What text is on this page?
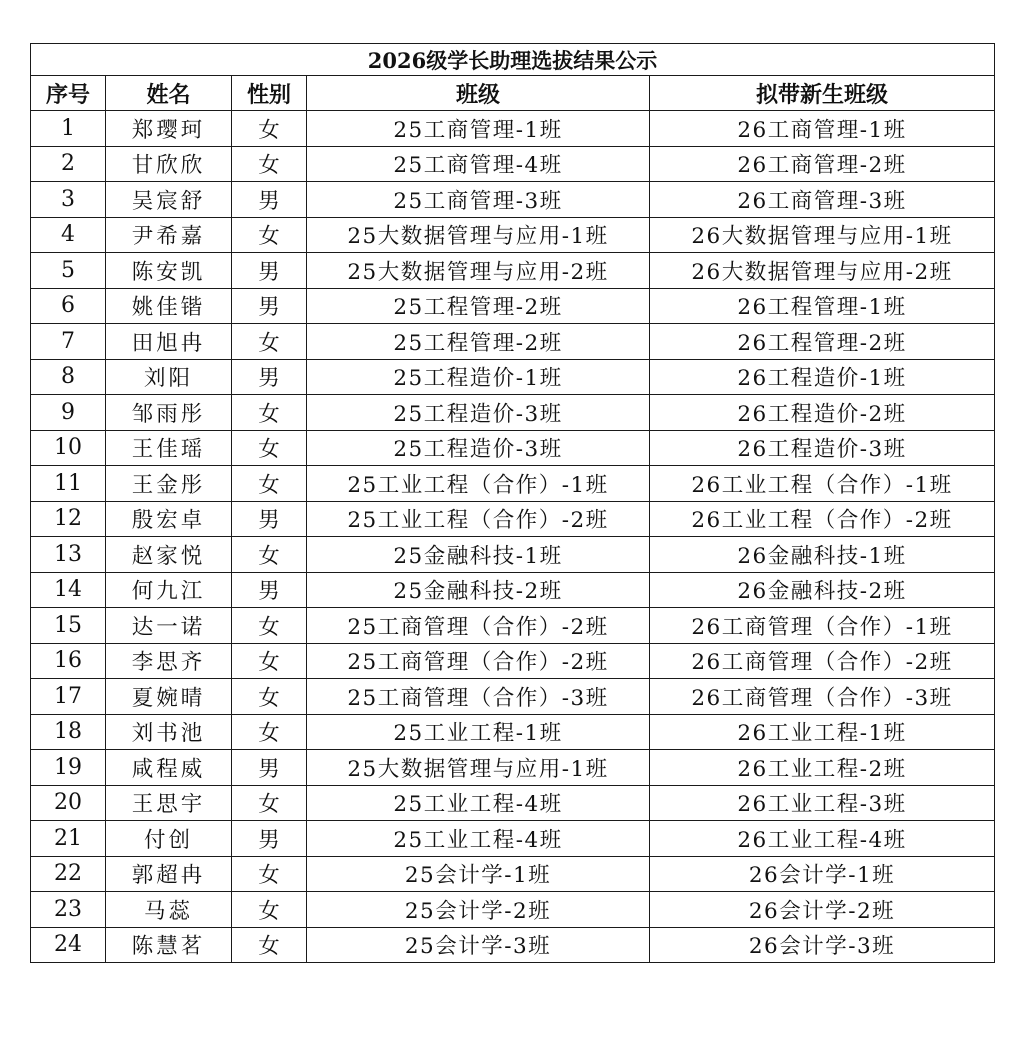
2026级学长助理选拔结果公示				
序号	姓名	性别	班级	拟带新生班级
1	郑璎珂	女	25工商管理-1班	26工商管理-1班
2	甘欣欣	女	25工商管理-4班	26工商管理-2班
3	吴宸舒	男	25工商管理-3班	26工商管理-3班
4	尹希嘉	女	25大数据管理与应用-1班	26大数据管理与应用-1班
5	陈安凯	男	25大数据管理与应用-2班	26大数据管理与应用-2班
6	姚佳锴	男	25工程管理-2班	26工程管理-1班
7	田旭冉	女	25工程管理-2班	26工程管理-2班
8	刘阳	男	25工程造价-1班	26工程造价-1班
9	邹雨彤	女	25工程造价-3班	26工程造价-2班
10	王佳瑶	女	25工程造价-3班	26工程造价-3班
11	王金彤	女	25工业工程（合作）-1班	26工业工程（合作）-1班
12	殷宏卓	男	25工业工程（合作）-2班	26工业工程（合作）-2班
13	赵家悦	女	25金融科技-1班	26金融科技-1班
14	何九江	男	25金融科技-2班	26金融科技-2班
15	达一诺	女	25工商管理（合作）-2班	26工商管理（合作）-1班
16	李思齐	女	25工商管理（合作）-2班	26工商管理（合作）-2班
17	夏婉晴	女	25工商管理（合作）-3班	26工商管理（合作）-3班
18	刘书池	女	25工业工程-1班	26工业工程-1班
19	咸程威	男	25大数据管理与应用-1班	26工业工程-2班
20	王思宇	女	25工业工程-4班	26工业工程-3班
21	付创	男	25工业工程-4班	26工业工程-4班
22	郭超冉	女	25会计学-1班	26会计学-1班
23	马蕊	女	25会计学-2班	26会计学-2班
24	陈慧茗	女	25会计学-3班	26会计学-3班
